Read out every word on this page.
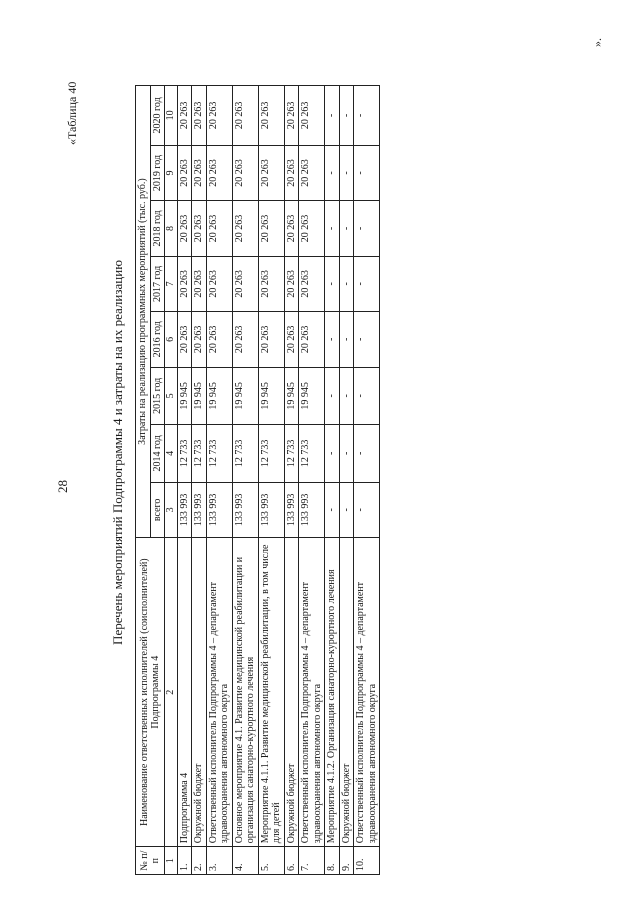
28
«Таблица 40
Перечень мероприятий Подпрограммы 4 и затраты на их реализацию
№ п/п	Наименование ответственных исполнителей (соисполнителей) Подпрограммы 4	Затраты на реализацию программных мероприятий (тыс. руб.)							
		всего	2014 год	2015 год	2016 год	2017 год	2018 год	2019 год	2020 год
1	2	3	4	5	6	7	8	9	10
1.	Подпрограмма 4	133 993	12 733	19 945	20 263	20 263	20 263	20 263	20 263
2.	Окружной бюджет	133 993	12 733	19 945	20 263	20 263	20 263	20 263	20 263
3.	Ответственный исполнитель Подпрограммы 4 – департамент здравоохранения автономного округа	133 993	12 733	19 945	20 263	20 263	20 263	20 263	20 263
4.	Основное мероприятие 4.1. Развитие медицинской реабилитации и организация санаторно-курортного лечения	133 993	12 733	19 945	20 263	20 263	20 263	20 263	20 263
5.	Мероприятие 4.1.1. Развитие медицинской реабилитации, в том числе для детей	133 993	12 733	19 945	20 263	20 263	20 263	20 263	20 263
6.	Окружной бюджет	133 993	12 733	19 945	20 263	20 263	20 263	20 263	20 263
7.	Ответственный исполнитель Подпрограммы 4 – департамент здравоохранения автономного округа	133 993	12 733	19 945	20 263	20 263	20 263	20 263	20 263
8.	Мероприятие 4.1.2. Организация санаторно-курортного лечения	-	-	-	-	-	-	-	-
9.	Окружной бюджет	-	-	-	-	-	-	-	-
10.	Ответственный исполнитель Подпрограммы 4 – департамент здравоохранения автономного округа	-	-	-	-	-	-	-	-
».
